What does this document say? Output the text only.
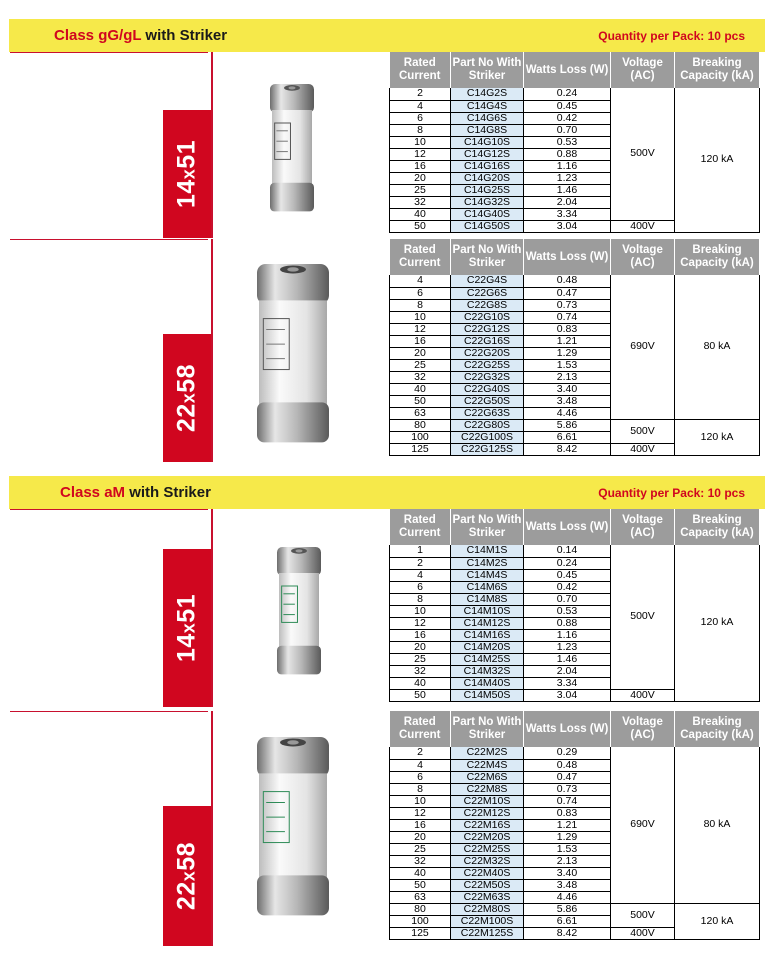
Class gG/gL with Striker	Quantity per Pack: 10 pcs
Class aM with Striker	Quantity per Pack: 10 pcs
14x51
Rated Current	Part No With Striker	Watts Loss (W)	Voltage (AC)	Breaking Capacity (kA)
2	C14G2S	0.24	500V	120 kA
4	C14G4S	0.45		
6	C14G6S	0.42		
8	C14G8S	0.70		
10	C14G10S	0.53		
12	C14G12S	0.88		
16	C14G16S	1.16		
20	C14G20S	1.23		
25	C14G25S	1.46		
32	C14G32S	2.04		
40	C14G40S	3.34		
50	C14G50S	3.04	400V	
22x58
Rated Current	Part No With Striker	Watts Loss (W)	Voltage (AC)	Breaking Capacity (kA)
4	C22G4S	0.48	690V	80 kA
6	C22G6S	0.47		
8	C22G8S	0.73		
10	C22G10S	0.74		
12	C22G12S	0.83		
16	C22G16S	1.21		
20	C22G20S	1.29		
25	C22G25S	1.53		
32	C22G32S	2.13		
40	C22G40S	3.40		
50	C22G50S	3.48		
63	C22G63S	4.46		
80	C22G80S	5.86	500V	120 kA
100	C22G100S	6.61		
125	C22G125S	8.42	400V	
14x51
Rated Current	Part No With Striker	Watts Loss (W)	Voltage (AC)	Breaking Capacity (kA)
1	C14M1S	0.14	500V	120 kA
2	C14M2S	0.24		
4	C14M4S	0.45		
6	C14M6S	0.42		
8	C14M8S	0.70		
10	C14M10S	0.53		
12	C14M12S	0.88		
16	C14M16S	1.16		
20	C14M20S	1.23		
25	C14M25S	1.46		
32	C14M32S	2.04		
40	C14M40S	3.34		
50	C14M50S	3.04	400V	
22x58
Rated Current	Part No With Striker	Watts Loss (W)	Voltage (AC)	Breaking Capacity (kA)
2	C22M2S	0.29	690V	80 kA
4	C22M4S	0.48		
6	C22M6S	0.47		
8	C22M8S	0.73		
10	C22M10S	0.74		
12	C22M12S	0.83		
16	C22M16S	1.21		
20	C22M20S	1.29		
25	C22M25S	1.53		
32	C22M32S	2.13		
40	C22M40S	3.40		
50	C22M50S	3.48		
63	C22M63S	4.46		
80	C22M80S	5.86	500V	120 kA
100	C22M100S	6.61		
125	C22M125S	8.42	400V	
